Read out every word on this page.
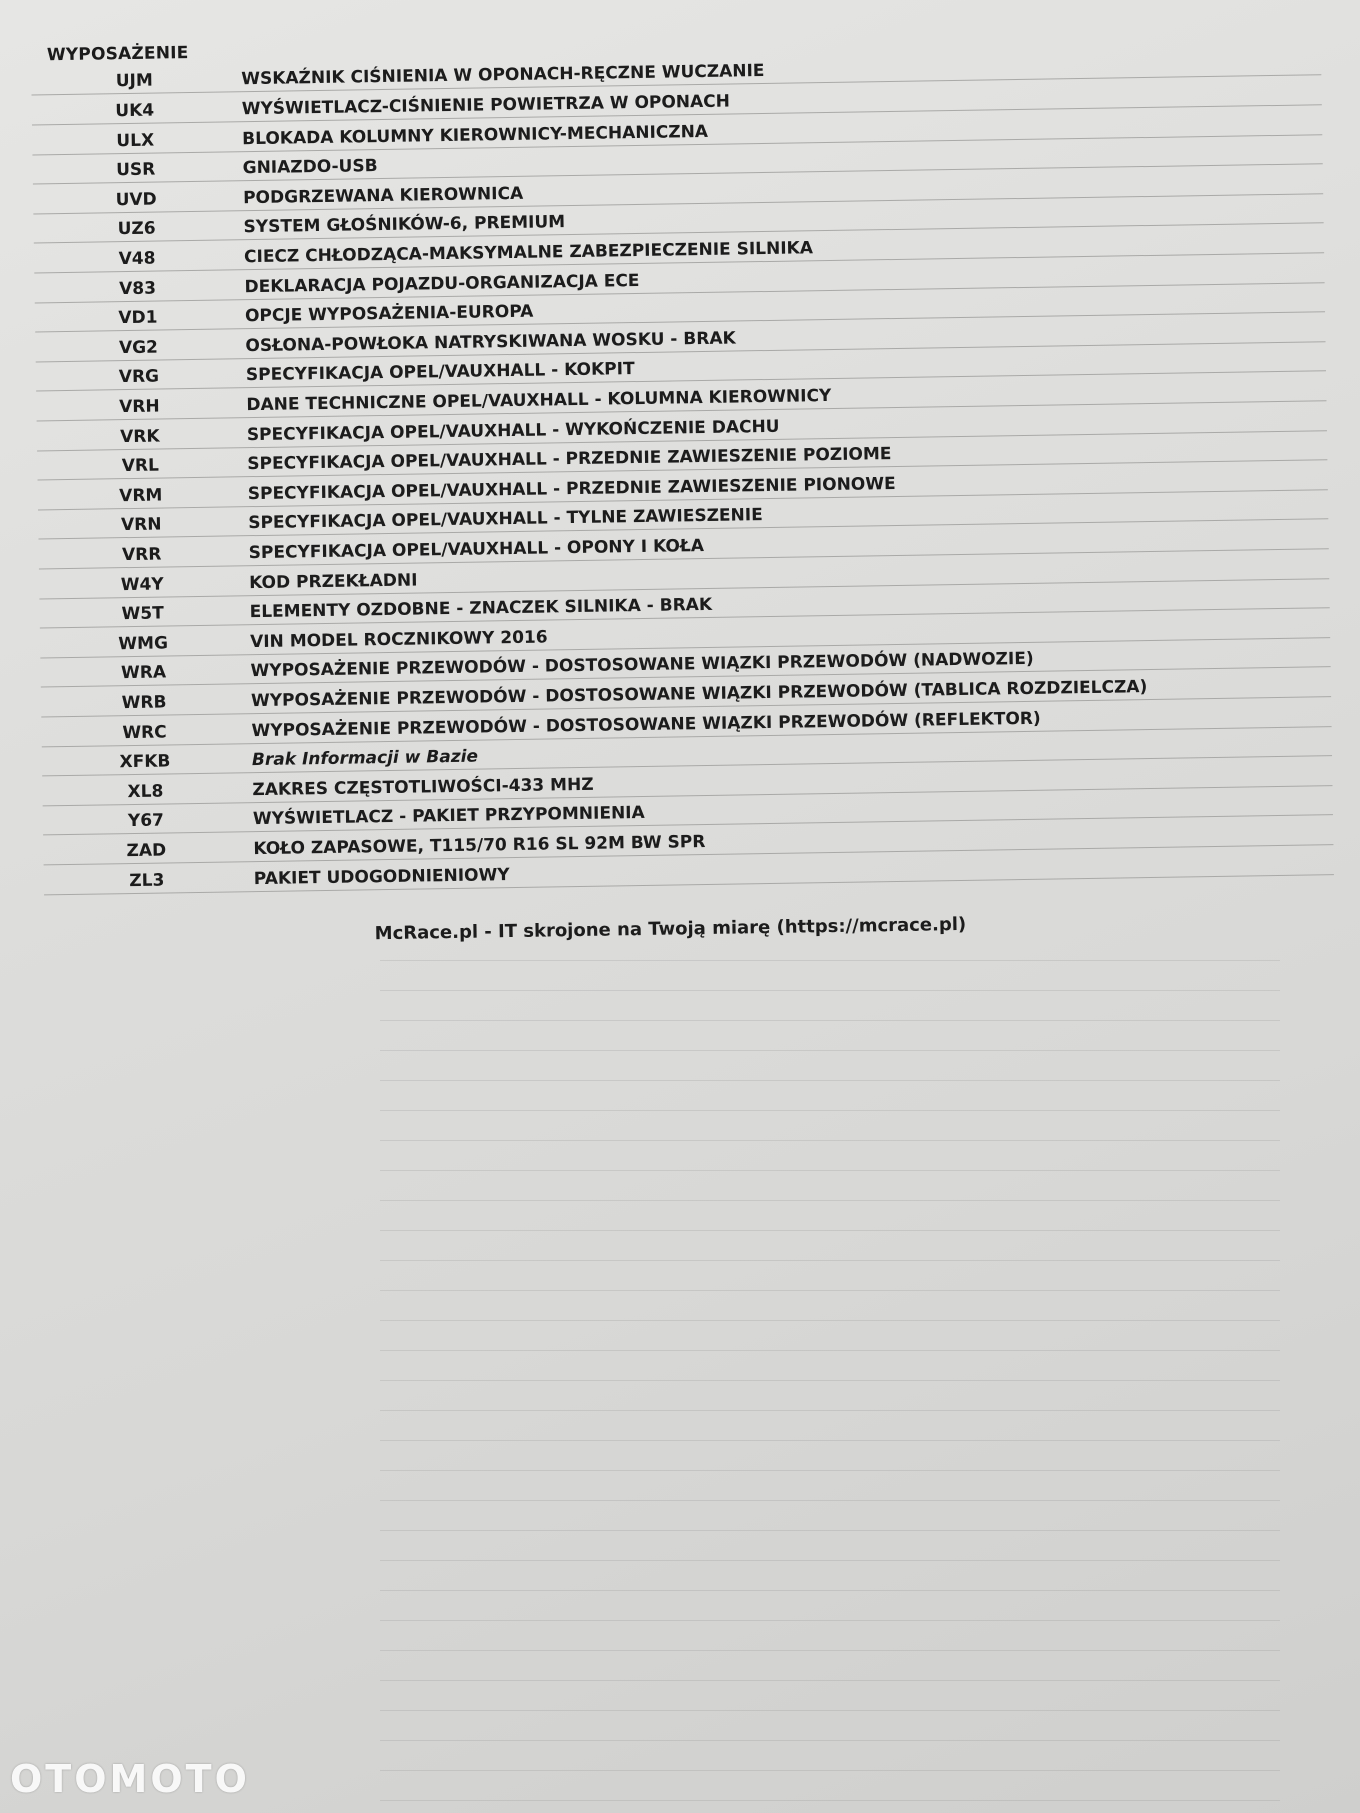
WYPOSAŻENIE
UJM	WSKAŹNIK CIŚNIENIA W OPONACH-RĘCZNE WUCZANIE
UK4	WYŚWIETLACZ-CIŚNIENIE POWIETRZA W OPONACH
ULX	BLOKADA KOLUMNY KIEROWNICY-MECHANICZNA
USR	GNIAZDO-USB
UVD	PODGRZEWANA KIEROWNICA
UZ6	SYSTEM GŁOŚNIKÓW-6, PREMIUM
V48	CIECZ CHŁODZĄCA-MAKSYMALNE ZABEZPIECZENIE SILNIKA
V83	DEKLARACJA POJAZDU-ORGANIZACJA ECE
VD1	OPCJE WYPOSAŻENIA-EUROPA
VG2	OSŁONA-POWŁOKA NATRYSKIWANA WOSKU - BRAK
VRG	SPECYFIKACJA OPEL/VAUXHALL - KOKPIT
VRH	DANE TECHNICZNE OPEL/VAUXHALL - KOLUMNA KIEROWNICY
VRK	SPECYFIKACJA OPEL/VAUXHALL - WYKOŃCZENIE DACHU
VRL	SPECYFIKACJA OPEL/VAUXHALL - PRZEDNIE ZAWIESZENIE POZIOME
VRM	SPECYFIKACJA OPEL/VAUXHALL - PRZEDNIE ZAWIESZENIE PIONOWE
VRN	SPECYFIKACJA OPEL/VAUXHALL - TYLNE ZAWIESZENIE
VRR	SPECYFIKACJA OPEL/VAUXHALL - OPONY I KOŁA
W4Y	KOD PRZEKŁADNI
W5T	ELEMENTY OZDOBNE - ZNACZEK SILNIKA - BRAK
WMG	VIN MODEL ROCZNIKOWY 2016
WRA	WYPOSAŻENIE PRZEWODÓW - DOSTOSOWANE WIĄZKI PRZEWODÓW (NADWOZIE)
WRB	WYPOSAŻENIE PRZEWODÓW - DOSTOSOWANE WIĄZKI PRZEWODÓW (TABLICA ROZDZIELCZA)
WRC	WYPOSAŻENIE PRZEWODÓW - DOSTOSOWANE WIĄZKI PRZEWODÓW (REFLEKTOR)
XFKB	Brak Informacji w Bazie
XL8	ZAKRES CZĘSTOTLIWOŚCI-433 MHZ
Y67	WYŚWIETLACZ - PAKIET PRZYPOMNIENIA
ZAD	KOŁO ZAPASOWE, T115/70 R16 SL 92M BW SPR
ZL3	PAKIET UDOGODNIENIOWY
McRace.pl - IT skrojone na Twoją miarę (https://mcrace.pl)
OTOMOTO
